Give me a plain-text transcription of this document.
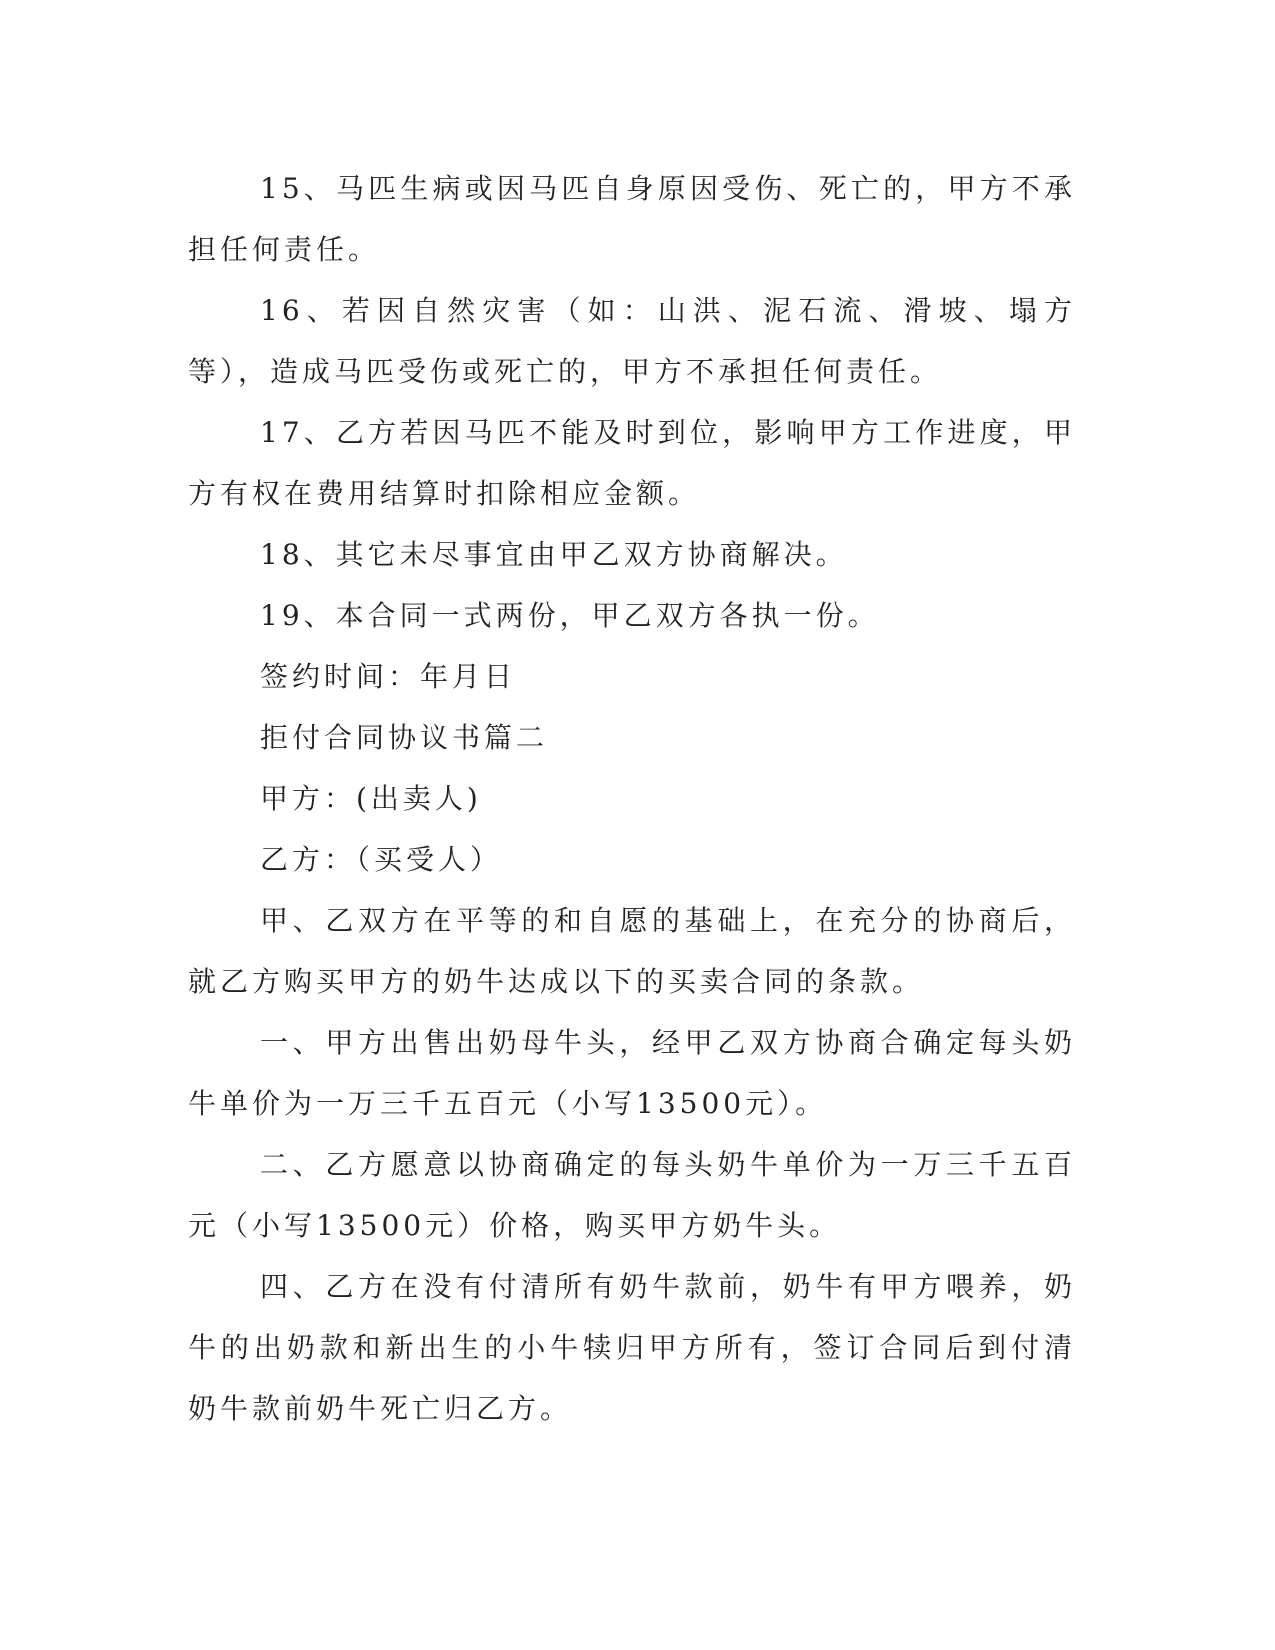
15、马匹生病或因马匹自身原因受伤、死亡的，甲方不承担任何责任。

16、若因自然灾害（如：山洪、泥石流、滑坡、塌方等），造成马匹受伤或死亡的，甲方不承担任何责任。

17、乙方若因马匹不能及时到位，影响甲方工作进度，甲方有权在费用结算时扣除相应金额。

18、其它未尽事宜由甲乙双方协商解决。

19、本合同一式两份，甲乙双方各执一份。

签约时间：年月日

拒付合同协议书篇二

甲方：(出卖人)

乙方：（买受人）

甲、乙双方在平等的和自愿的基础上，在充分的协商后，就乙方购买甲方的奶牛达成以下的买卖合同的条款。

一、甲方出售出奶母牛头，经甲乙双方协商合确定每头奶牛单价为一万三千五百元（小写13500元）。

二、乙方愿意以协商确定的每头奶牛单价为一万三千五百元（小写13500元）价格，购买甲方奶牛头。

四、乙方在没有付清所有奶牛款前，奶牛有甲方喂养，奶牛的出奶款和新出生的小牛犊归甲方所有，签订合同后到付清奶牛款前奶牛死亡归乙方。
